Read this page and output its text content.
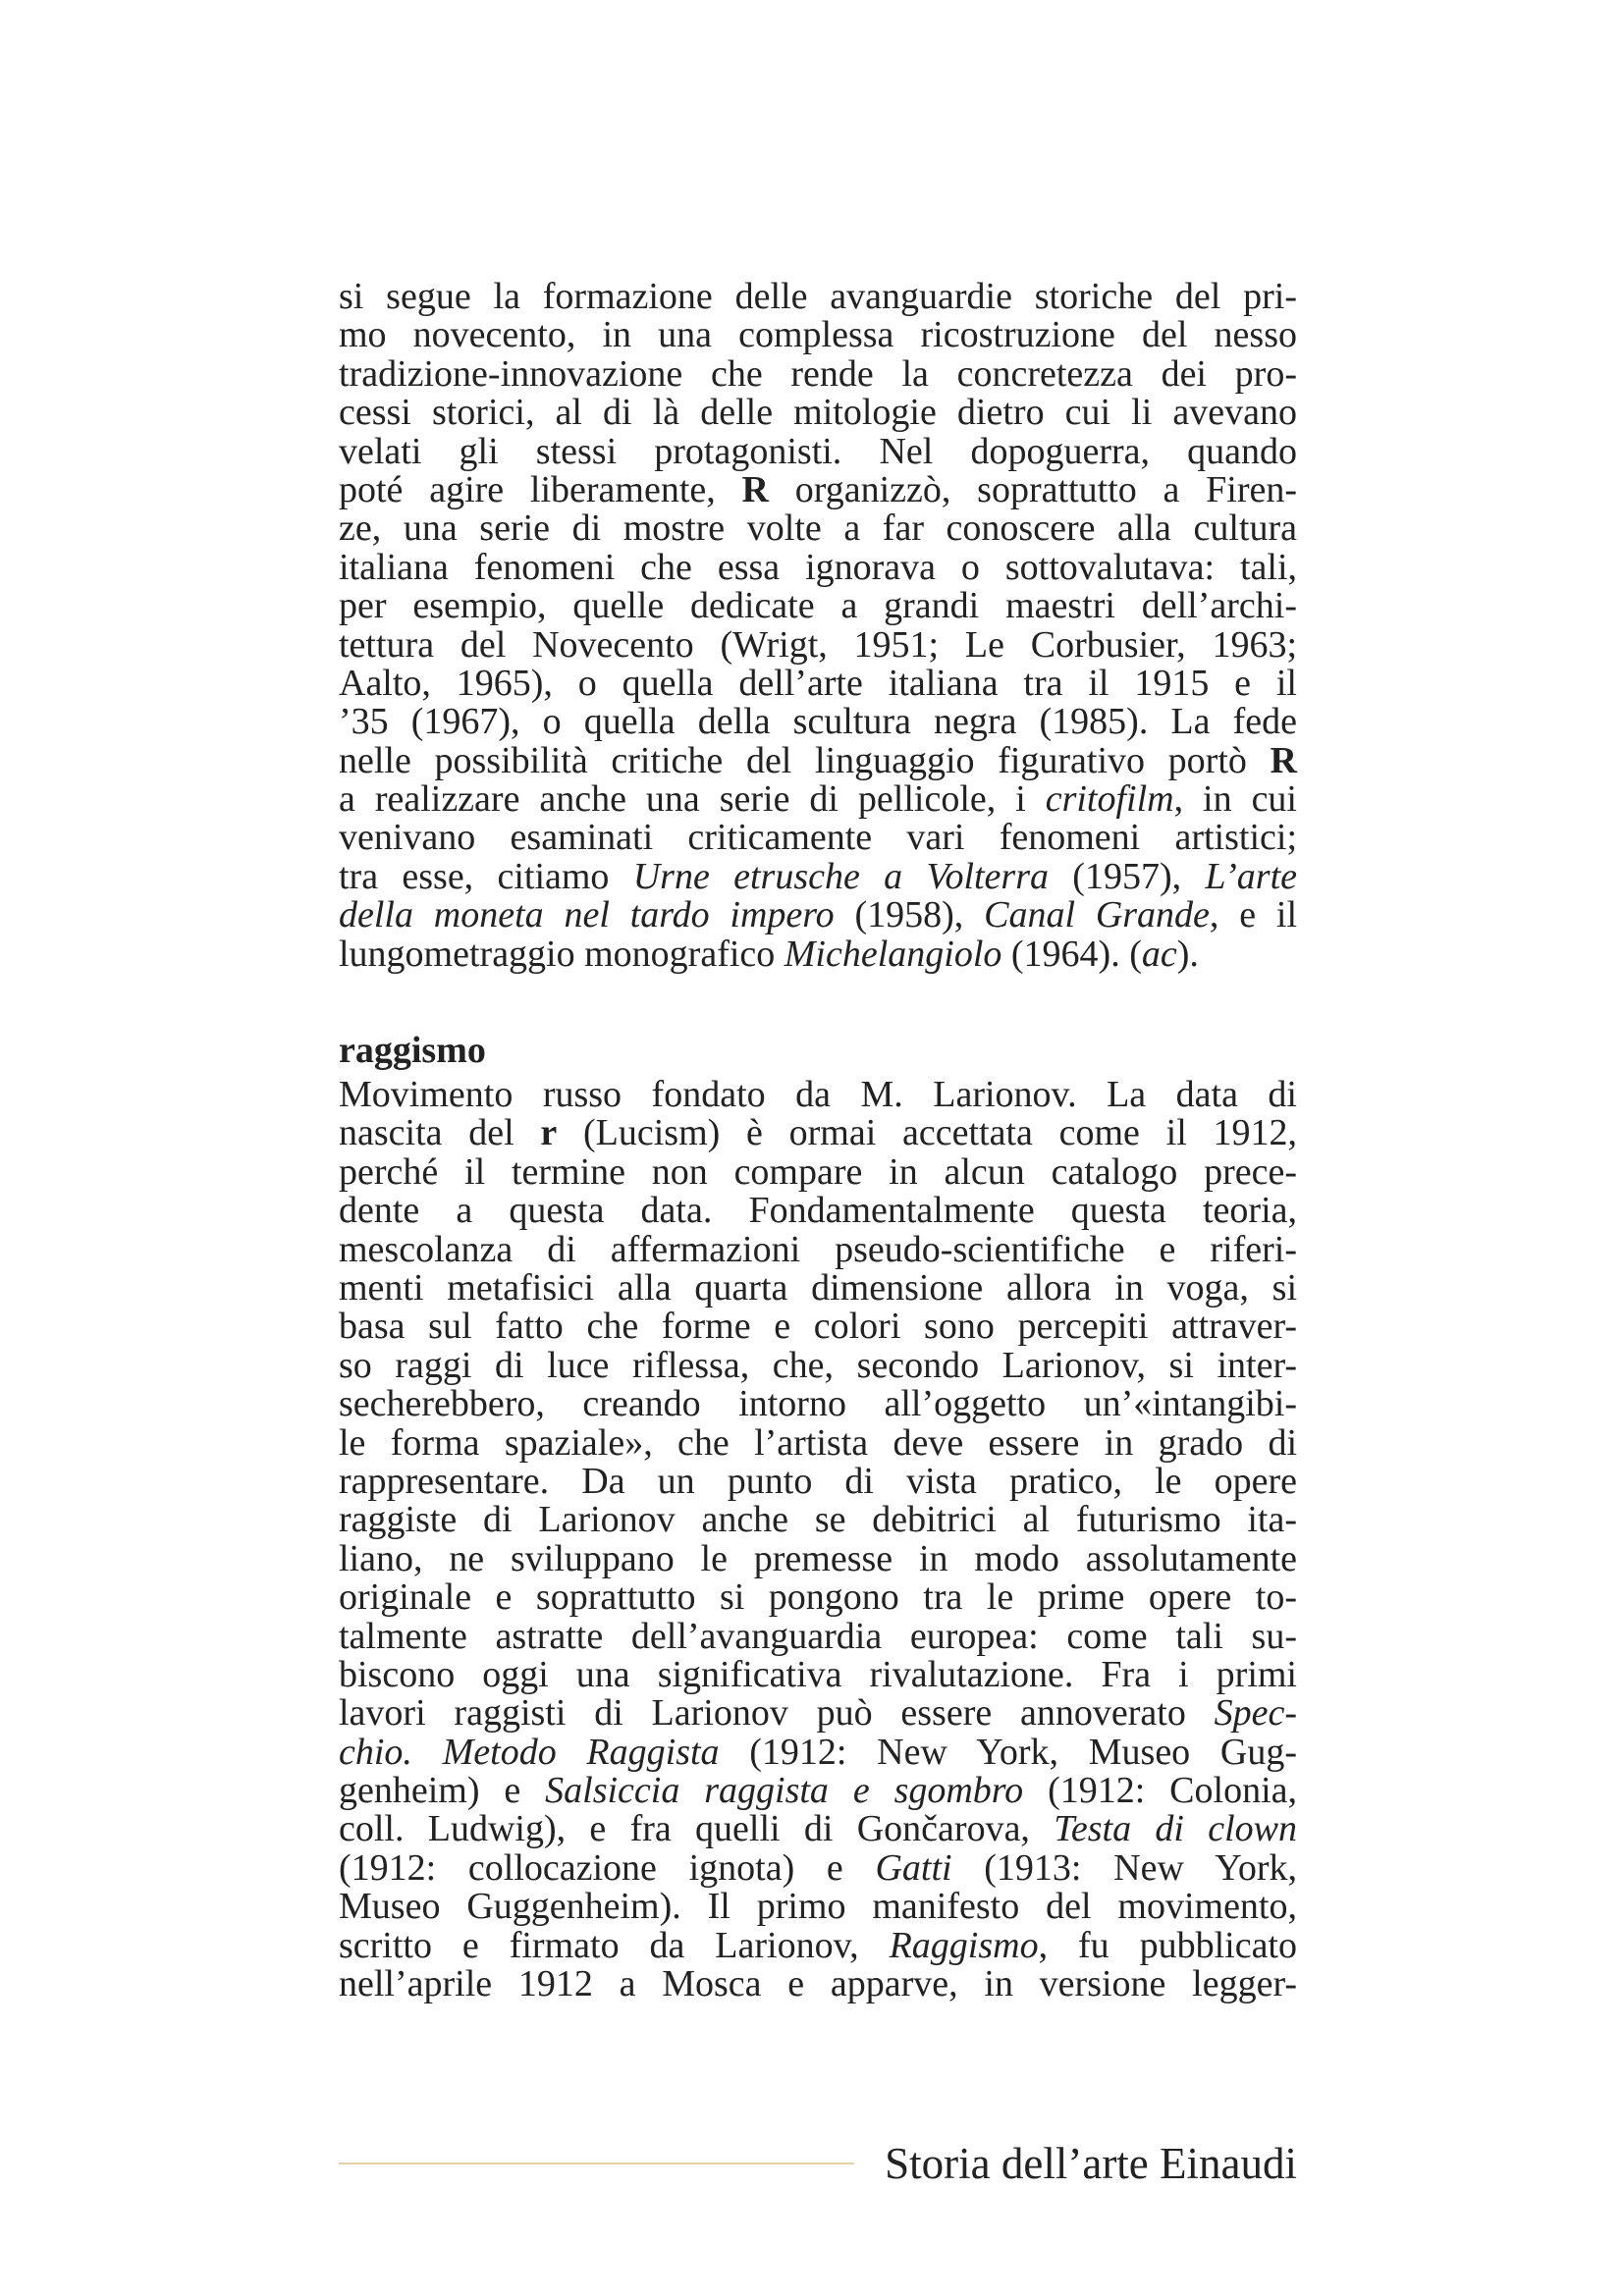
si segue la formazione delle avanguardie storiche del pri-
mo novecento, in una complessa ricostruzione del nesso
tradizione-innovazione che rende la concretezza dei pro-
cessi storici, al di là delle mitologie dietro cui li avevano
velati gli stessi protagonisti. Nel dopoguerra, quando
poté agire liberamente, R organizzò, soprattutto a Firen-
ze, una serie di mostre volte a far conoscere alla cultura
italiana fenomeni che essa ignorava o sottovalutava: tali,
per esempio, quelle dedicate a grandi maestri dell’archi-
tettura del Novecento (Wrigt, 1951; Le Corbusier, 1963;
Aalto, 1965), o quella dell’arte italiana tra il 1915 e il
’35 (1967), o quella della scultura negra (1985). La fede
nelle possibilità critiche del linguaggio figurativo portò R
a realizzare anche una serie di pellicole, i critofilm, in cui
venivano esaminati criticamente vari fenomeni artistici;
tra esse, citiamo Urne etrusche a Volterra (1957), L’arte
della moneta nel tardo impero (1958), Canal Grande, e il
lungometraggio monografico Michelangiolo (1964). (ac).
raggismo
Movimento russo fondato da M. Larionov. La data di
nascita del r (Lucism) è ormai accettata come il 1912,
perché il termine non compare in alcun catalogo prece-
dente a questa data. Fondamentalmente questa teoria,
mescolanza di affermazioni pseudo-scientifiche e riferi-
menti metafisici alla quarta dimensione allora in voga, si
basa sul fatto che forme e colori sono percepiti attraver-
so raggi di luce riflessa, che, secondo Larionov, si inter-
secherebbero, creando intorno all’oggetto un’«intangibi-
le forma spaziale», che l’artista deve essere in grado di
rappresentare. Da un punto di vista pratico, le opere
raggiste di Larionov anche se debitrici al futurismo ita-
liano, ne sviluppano le premesse in modo assolutamente
originale e soprattutto si pongono tra le prime opere to-
talmente astratte dell’avanguardia europea: come tali su-
biscono oggi una significativa rivalutazione. Fra i primi
lavori raggisti di Larionov può essere annoverato Spec-
chio. Metodo Raggista (1912: New York, Museo Gug-
genheim) e Salsiccia raggista e sgombro (1912: Colonia,
coll. Ludwig), e fra quelli di Gončarova, Testa di clown
(1912: collocazione ignota) e Gatti (1913: New York,
Museo Guggenheim). Il primo manifesto del movimento,
scritto e firmato da Larionov, Raggismo, fu pubblicato
nell’aprile 1912 a Mosca e apparve, in versione legger-
Storia dell’arte Einaudi
